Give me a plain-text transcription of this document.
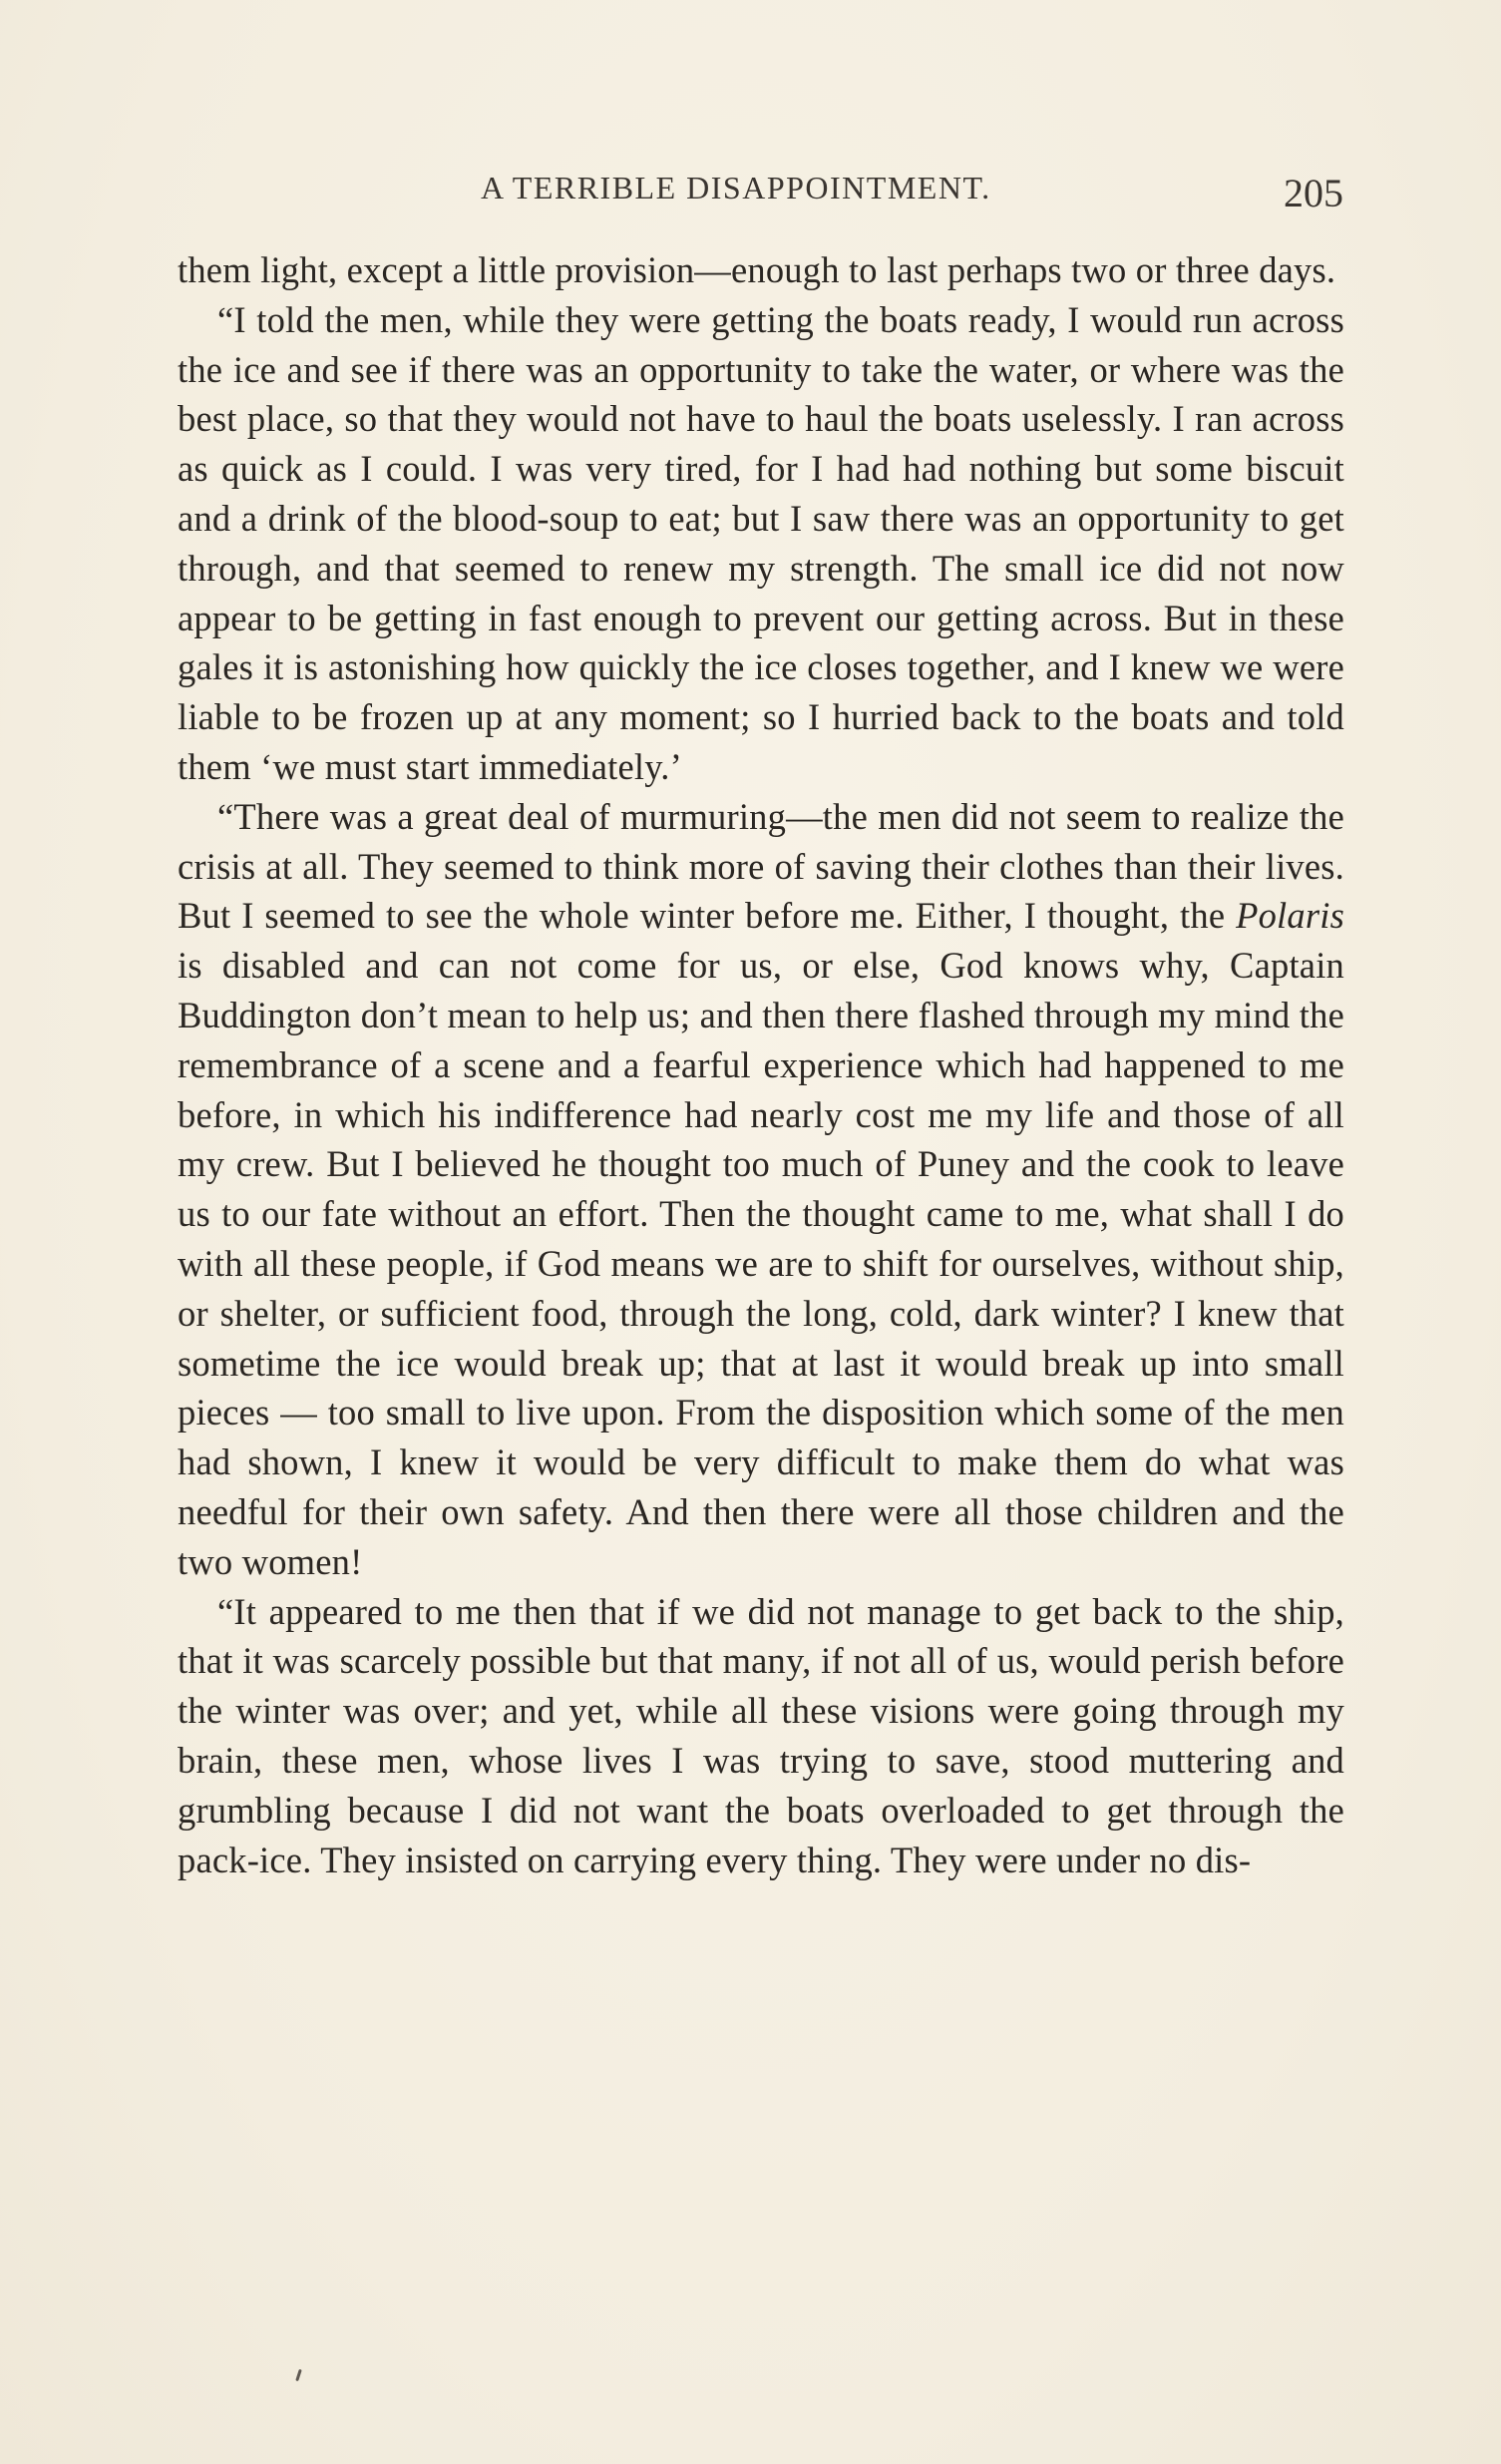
A TERRIBLE DISAPPOINTMENT.	205

them light, except a little provision—enough to last perhaps two or three days.

“I told the men, while they were getting the boats ready, I would run across the ice and see if there was an opportunity to take the water, or where was the best place, so that they would not have to haul the boats uselessly. I ran across as quick as I could. I was very tired, for I had had nothing but some biscuit and a drink of the blood-soup to eat; but I saw there was an opportunity to get through, and that seemed to renew my strength. The small ice did not now appear to be getting in fast enough to prevent our getting across. But in these gales it is astonishing how quickly the ice closes together, and I knew we were liable to be frozen up at any moment; so I hurried back to the boats and told them ‘we must start immediately.’

“There was a great deal of murmuring—the men did not seem to realize the crisis at all. They seemed to think more of saving their clothes than their lives. But I seemed to see the whole winter before me. Either, I thought, the Polaris is disabled and can not come for us, or else, God knows why, Captain Buddington don’t mean to help us; and then there flashed through my mind the remembrance of a scene and a fearful experience which had happened to me before, in which his indifference had nearly cost me my life and those of all my crew. But I believed he thought too much of Puney and the cook to leave us to our fate without an effort. Then the thought came to me, what shall I do with all these people, if God means we are to shift for ourselves, without ship, or shelter, or sufficient food, through the long, cold, dark winter? I knew that sometime the ice would break up; that at last it would break up into small pieces — too small to live upon. From the disposition which some of the men had shown, I knew it would be very difficult to make them do what was needful for their own safety. And then there were all those children and the two women!

“It appeared to me then that if we did not manage to get back to the ship, that it was scarcely possible but that many, if not all of us, would perish before the winter was over; and yet, while all these visions were going through my brain, these men, whose lives I was trying to save, stood muttering and grumbling because I did not want the boats overloaded to get through the pack-ice. They insisted on carrying every thing. They were under no dis-
